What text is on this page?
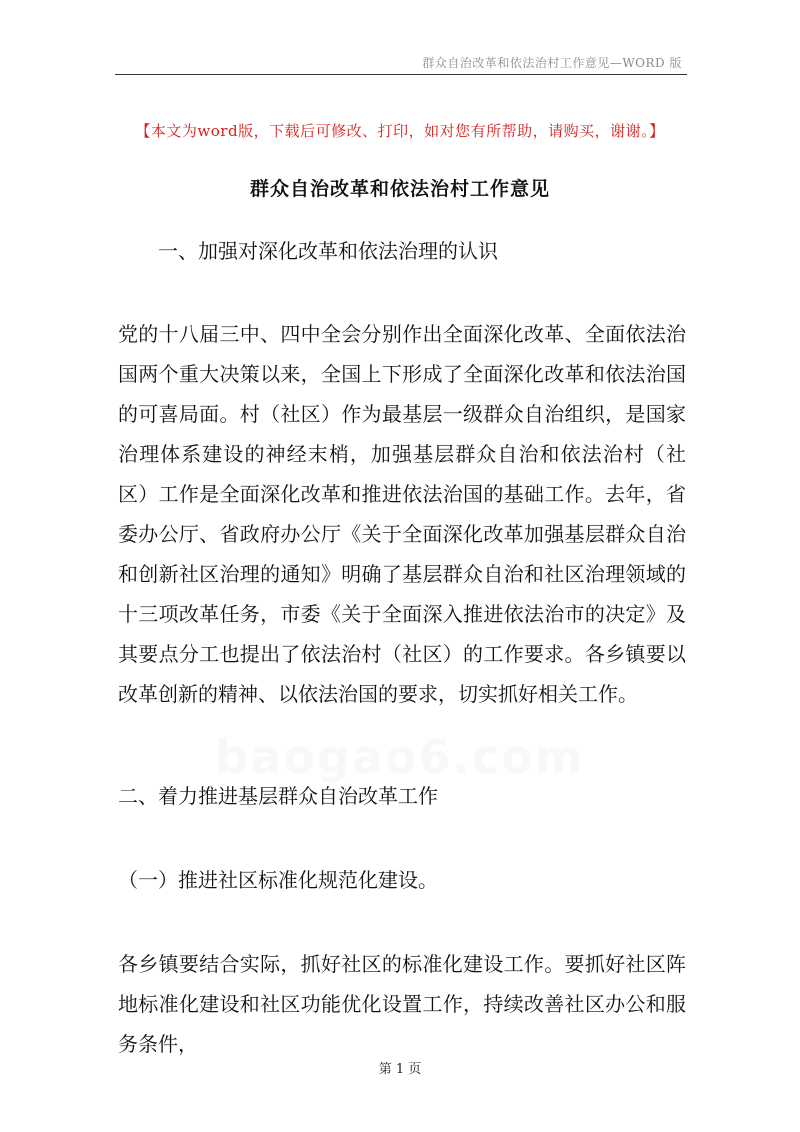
群众自治改革和依法治村工作意见—WORD 版
【本文为word版，下载后可修改、打印，如对您有所帮助，请购买，谢谢。】
群众自治改革和依法治村工作意见
一、加强对深化改革和依法治理的认识
党的十八届三中、四中全会分别作出全面深化改革、全面依法治国两个重大决策以来，全国上下形成了全面深化改革和依法治国的可喜局面。村（社区）作为最基层一级群众自治组织，是国家治理体系建设的神经末梢，加强基层群众自治和依法治村（社区）工作是全面深化改革和推进依法治国的基础工作。去年，省委办公厅、省政府办公厅《关于全面深化改革加强基层群众自治和创新社区治理的通知》明确了基层群众自治和社区治理领域的十三项改革任务，市委《关于全面深入推进依法治市的决定》及其要点分工也提出了依法治村（社区）的工作要求。各乡镇要以改革创新的精神、以依法治国的要求，切实抓好相关工作。
baogao6.com
二、着力推进基层群众自治改革工作
（一）推进社区标准化规范化建设。
各乡镇要结合实际，抓好社区的标准化建设工作。要抓好社区阵地标准化建设和社区功能优化设置工作，持续改善社区办公和服务条件，
第 1 页
